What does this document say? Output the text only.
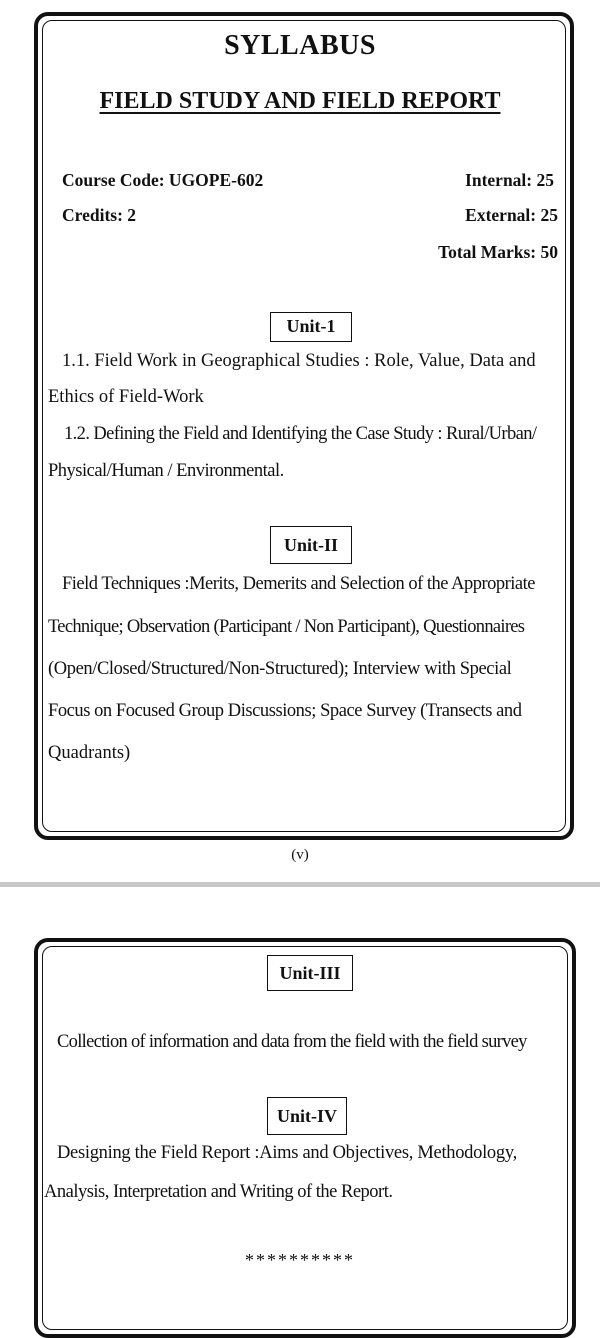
SYLLABUS
FIELD STUDY AND FIELD REPORT
Course Code: UGOPE-602	Internal: 25
Credits: 2	External: 25
Total Marks: 50
Unit-1
1.1. Field Work in Geographical Studies : Role, Value, Data and
Ethics of Field-Work
1.2. Defining the Field and Identifying the Case Study : Rural/Urban/
Physical/Human / Environmental.
Unit-II
Field Techniques :Merits, Demerits and Selection of the Appropriate
Technique; Observation (Participant / Non Participant), Questionnaires
(Open/Closed/Structured/Non-Structured); Interview with Special
Focus on Focused Group Discussions; Space Survey (Transects and
Quadrants)
(v)
Unit-III
Collection of information and data from the field with the field survey
Unit-IV
Designing the Field Report :Aims and Objectives, Methodology,
Analysis, Interpretation and Writing of the Report.
**********
